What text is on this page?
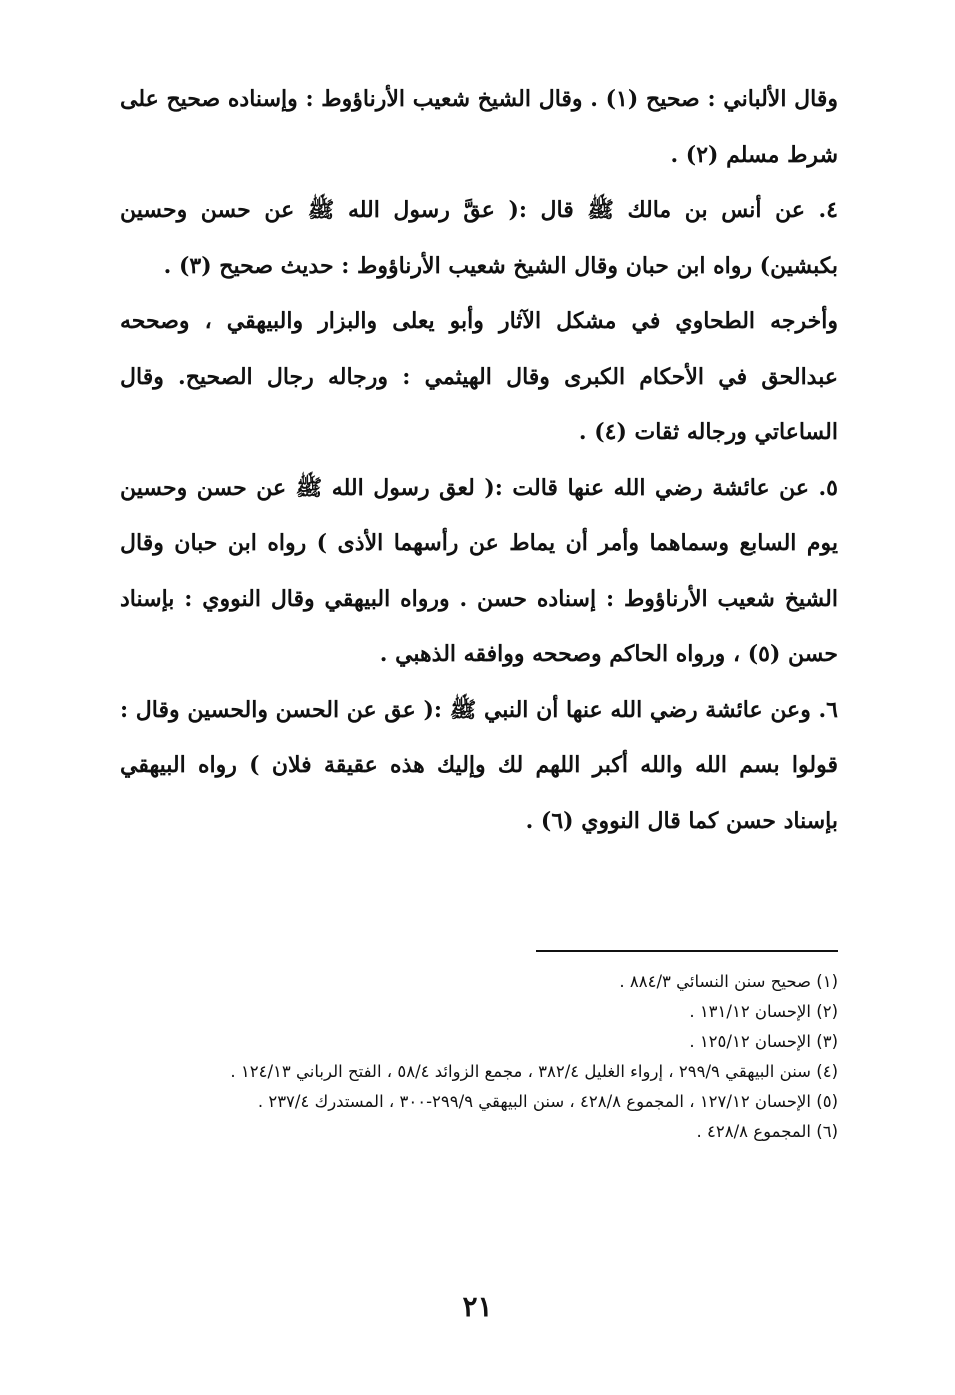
وقال الألباني : صحيح (١) . وقال الشيخ شعيب الأرناؤوط : وإسناده صحيح على شرط مسلم (٢) .

٤. عن أنس بن مالك ﷺ قال :( عقَّ رسول الله ﷺ عن حسن وحسين بكبشين) رواه ابن حبان وقال الشيخ شعيب الأرناؤوط : حديث صحيح (٣) .

وأخرجه الطحاوي في مشكل الآثار وأبو يعلى والبزار والبيهقي ، وصححه عبدالحق في الأحكام الكبرى وقال الهيثمي : ورجاله رجال الصحيح. وقال الساعاتي ورجاله ثقات (٤) .

٥. عن عائشة رضي الله عنها قالت :( لعق رسول الله ﷺ عن حسن وحسين يوم السابع وسماهما وأمر أن يماط عن رأسهما الأذى ) رواه ابن حبان وقال الشيخ شعيب الأرناؤوط : إسناده حسن . ورواه البيهقي وقال النووي : بإسناد حسن (٥) ، ورواه الحاكم وصححه ووافقه الذهبي .

٦. وعن عائشة رضي الله عنها أن النبي ﷺ :( عق عن الحسن والحسين وقال : قولوا بسم الله والله أكبر اللهم لك وإليك هذه عقيقة فلان ) رواه البيهقي بإسناد حسن كما قال النووي (٦) .

(١) صحيح سنن النسائي ٨٨٤/٣ .

(٢) الإحسان ١٣١/١٢ .

(٣) الإحسان ١٢٥/١٢ .

(٤) سنن البيهقي ٢٩٩/٩ ، إرواء الغليل ٣٨٢/٤ ، مجمع الزوائد ٥٨/٤ ، الفتح الرباني ١٢٤/١٣ .

(٥) الإحسان ١٢٧/١٢ ، المجموع ٤٢٨/٨ ، سنن البيهقي ٢٩٩/٩-٣٠٠ ، المستدرك ٢٣٧/٤ .

(٦) المجموع ٤٢٨/٨ .

٢١
